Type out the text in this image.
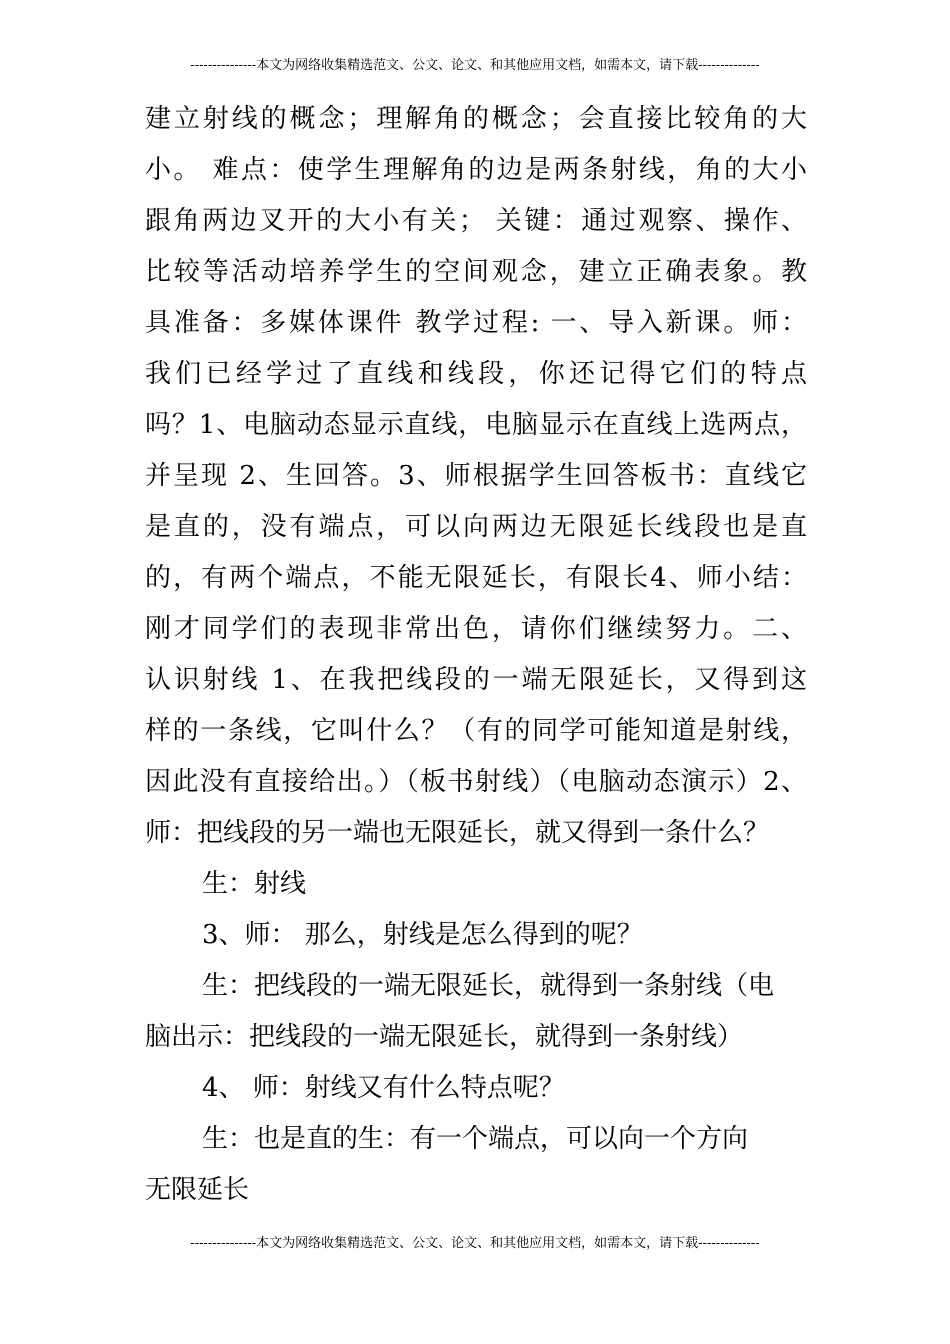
---------------本文为网络收集精选范文、公文、论文、和其他应用文档，如需本文，请下载--------------
建立射线的概念；理解角的概念；会直接比较角的大
小。 难点：使学生理解角的边是两条射线，角的大小
跟角两边叉开的大小有关； 关键：通过观察、操作、
比较等活动培养学生的空间观念，建立正确表象。教
具准备：多媒体课件 教学过程: 一、导入新课。师：
我们已经学过了直线和线段，你还记得它们的特点
吗？1、电脑动态显示直线，电脑显示在直线上选两点，
并呈现 2、生回答。3、师根据学生回答板书：直线它
是直的，没有端点，可以向两边无限延长线段也是直
的，有两个端点，不能无限延长，有限长4、师小结：
刚才同学们的表现非常出色，请你们继续努力。二、
认识射线 1、在我把线段的一端无限延长，又得到这
样的一条线，它叫什么？（有的同学可能知道是射线，
因此没有直接给出。）（板书射线）（电脑动态演示）2、
师：把线段的另一端也无限延长，就又得到一条什么？
生：射线
3、师： 那么，射线是怎么得到的呢？
生：把线段的一端无限延长，就得到一条射线（电
脑出示：把线段的一端无限延长，就得到一条射线）
4、 师：射线又有什么特点呢？
生：也是直的生：有一个端点，可以向一个方向
无限延长
---------------本文为网络收集精选范文、公文、论文、和其他应用文档，如需本文，请下载--------------
